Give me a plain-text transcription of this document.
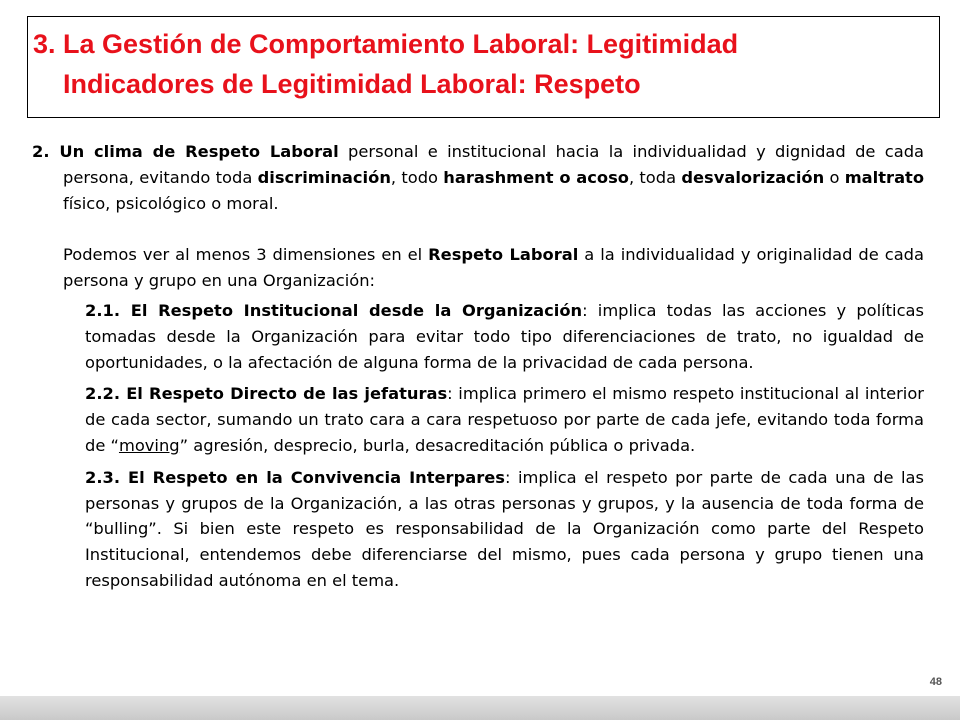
3. La Gestión de Comportamiento Laboral: Legitimidad
Indicadores de Legitimidad Laboral: Respeto

2. Un clima de Respeto Laboral personal e institucional hacia la individualidad y dignidad de cada persona, evitando toda discriminación, todo harashment o acoso, toda desvalorización o maltrato físico, psicológico o moral.

Podemos ver al menos 3 dimensiones en el Respeto Laboral a la individualidad y originalidad de cada persona y grupo en una Organización:

2.1. El Respeto Institucional desde la Organización: implica todas las acciones y políticas tomadas desde la Organización para evitar todo tipo diferenciaciones de trato, no igualdad de oportunidades, o la afectación de alguna forma de la privacidad de cada persona.

2.2. El Respeto Directo de las jefaturas: implica primero el mismo respeto institucional al interior de cada sector, sumando un trato cara a cara respetuoso por parte de cada jefe, evitando toda forma de “moving” agresión, desprecio, burla, desacreditación pública o privada.

2.3. El Respeto en la Convivencia Interpares: implica el respeto por parte de cada una de las personas y grupos de la Organización, a las otras personas y grupos, y la ausencia de toda forma de “bulling”. Si bien este respeto es responsabilidad de la Organización como parte del Respeto Institucional, entendemos debe diferenciarse del mismo, pues cada persona y grupo tienen una responsabilidad autónoma en el tema.

48
